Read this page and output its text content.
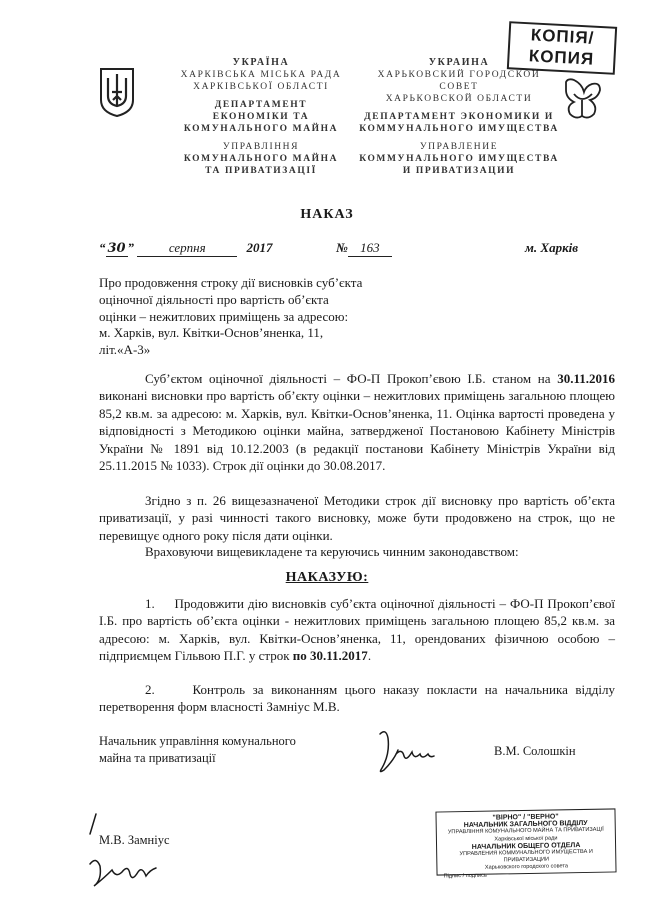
КОПІЯ/
КОПИЯ
УКРАЇНА
ХАРКІВСЬКА МІСЬКА РАДА
ХАРКІВСЬКОЇ ОБЛАСТІ
ДЕПАРТАМЕНТ
ЕКОНОМІКИ ТА
КОМУНАЛЬНОГО МАЙНА
УПРАВЛІННЯ
КОМУНАЛЬНОГО МАЙНА
ТА ПРИВАТИЗАЦІЇ
УКРАИНА
ХАРЬКОВСКИЙ ГОРОДСКОЙ
СОВЕТ
ХАРЬКОВСКОЙ ОБЛАСТИ
ДЕПАРТАМЕНТ ЭКОНОМИКИ И
КОММУНАЛЬНОГО ИМУЩЕСТВА
УПРАВЛЕНИЕ
КОММУНАЛЬНОГО ИМУЩЕСТВА
И ПРИВАТИЗАЦИИ
НАКАЗ
“ 30 ”	серпня	2017	№ 163	м. Харків
Про продовження строку дії висновків суб’єкта
оціночної діяльності про вартість об’єкта
оцінки – нежитлових приміщень за адресою:
м. Харків, вул. Квітки-Основ’яненка, 11,
літ.«А-3»
Суб’єктом оціночної діяльності – ФО-П Прокоп’євою І.Б. станом на 30.11.2016 виконані висновки про вартість об’єкту оцінки – нежитлових приміщень загальною площею 85,2 кв.м. за адресою: м. Харків, вул. Квітки-Основ’яненка, 11. Оцінка вартості проведена у відповідності з Методикою оцінки майна, затвердженої Постановою Кабінету Міністрів України № 1891 від 10.12.2003 (в редакції постанови Кабінету Міністрів України від 25.11.2015 № 1033). Строк дії оцінки до 30.08.2017.
Згідно з п. 26 вищезазначеної Методики строк дії висновку про вартість об’єкта приватизації, у разі чинності такого висновку, може бути продовжено на строк, що не перевищує одного року після дати оцінки.
Враховуючи вищевикладене та керуючись чинним законодавством:
НАКАЗУЮ:
1. Продовжити дію висновків суб’єкта оціночної діяльності – ФО-П Прокоп’євої І.Б. про вартість об’єкта оцінки - нежитлових приміщень загальною площею 85,2 кв.м. за адресою: м. Харків, вул. Квітки-Основ’яненка, 11, орендованих фізичною особою – підприємцем Гільвою П.Г. у строк по 30.11.2017.
2.	Контроль за виконанням цього наказу покласти на начальника відділу перетворення форм власності Замніус М.В.
Начальник управління комунального
майна та приватизації	В.М. Солошкін
М.В. Замніус
"ВІРНО" / "ВЕРНО"
НАЧАЛЬНИК ЗАГАЛЬНОГО ВІДДІЛУ
УПРАВЛІННЯ КОМУНАЛЬНОГО МАЙНА ТА ПРИВАТИЗАЦІЇ
Харківської міської ради
НАЧАЛЬНИК ОБЩЕГО ОТДЕЛА
УПРАВЛЕНИЯ КОММУНАЛЬНОГО ИМУЩЕСТВА И ПРИВАТИЗАЦИИ
Харьковского городского совета
Підпис / подпись
